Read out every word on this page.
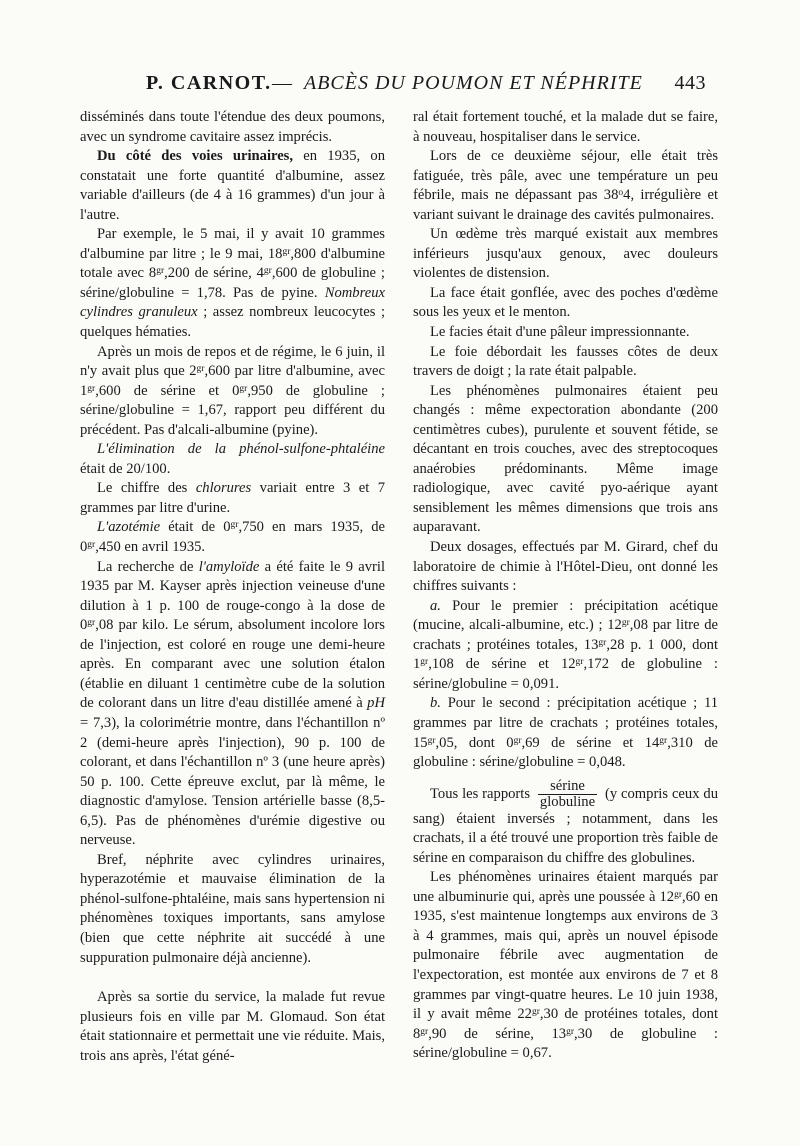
P. CARNOT. — ABCÈS DU POUMON ET NÉPHRITE 443

disséminés dans toute l'étendue des deux poumons, avec un syndrome cavitaire assez imprécis.

Du côté des voies urinaires, en 1935, on constatait une forte quantité d'albumine, assez variable d'ailleurs (de 4 à 16 grammes) d'un jour à l'autre.

Par exemple, le 5 mai, il y avait 10 grammes d'albumine par litre ; le 9 mai, $18^{gr},800$ d'albumine totale avec $8^{gr},200$ de sérine, $4^{gr},600$ de globuline ; sérine/globuline = 1,78. Pas de pyine. Nombreux cylindres granuleux ; assez nombreux leucocytes ; quelques hématies.

Après un mois de repos et de régime, le 6 juin, il n'y avait plus que $2^{gr},600$ par litre d'albumine, avec $1^{gr},600$ de sérine et $0^{gr},950$ de globuline ; sérine/globuline = 1,67, rapport peu différent du précédent. Pas d'alcali-albumine (pyine).

L'élimination de la phénol-sulfone-phtaléine était de 20/100.

Le chiffre des chlorures variait entre 3 et 7 grammes par litre d'urine.

L'azotémie était de $0^{gr},750$ en mars 1935, de $0^{gr},450$ en avril 1935.

La recherche de l'amyloïde a été faite le 9 avril 1935 par M. Kayser après injection veineuse d'une dilution à 1 p. 100 de rouge-congo à la dose de $0^{gr},08$ par kilo. Le sérum, absolument incolore lors de l'injection, est coloré en rouge une demi-heure après. En comparant avec une solution étalon (établie en diluant 1 centimètre cube de la solution de colorant dans un litre d'eau distillée amené à pH = 7,3), la colorimétrie montre, dans l'échantillon nº 2 (demi-heure après l'injection), 90 p. 100 de colorant, et dans l'échantillon nº 3 (une heure après) 50 p. 100. Cette épreuve exclut, par là même, le diagnostic d'amylose. Tension artérielle basse (8,5-6,5). Pas de phénomènes d'urémie digestive ou nerveuse.

Bref, néphrite avec cylindres urinaires, hyperazotémie et mauvaise élimination de la phénol-sulfone-phtaléine, mais sans hypertension ni phénomènes toxiques importants, sans amylose (bien que cette néphrite ait succédé à une suppuration pulmonaire déjà ancienne).

Après sa sortie du service, la malade fut revue plusieurs fois en ville par M. Glomaud. Son état était stationnaire et permettait une vie réduite. Mais, trois ans après, l'état géné-

ral était fortement touché, et la malade dut se faire, à nouveau, hospitaliser dans le service.

Lors de ce deuxième séjour, elle était très fatiguée, très pâle, avec une température un peu fébrile, mais ne dépassant pas 38$^o$4, irrégulière et variant suivant le drainage des cavités pulmonaires.

Un œdème très marqué existait aux membres inférieurs jusqu'aux genoux, avec douleurs violentes de distension.

La face était gonflée, avec des poches d'œdème sous les yeux et le menton.

Le facies était d'une pâleur impressionnante.

Le foie débordait les fausses côtes de deux travers de doigt ; la rate était palpable.

Les phénomènes pulmonaires étaient peu changés : même expectoration abondante (200 centimètres cubes), purulente et souvent fétide, se décantant en trois couches, avec des streptocoques anaérobies prédominants. Même image radiologique, avec cavité pyo-aérique ayant sensiblement les mêmes dimensions que trois ans auparavant.

Deux dosages, effectués par M. Girard, chef du laboratoire de chimie à l'Hôtel-Dieu, ont donné les chiffres suivants :

a. Pour le premier : précipitation acétique (mucine, alcali-albumine, etc.) ; $12^{gr},08$ par litre de crachats ; protéines totales, $13^{gr},28$ p. 1 000, dont $1^{gr},108$ de sérine et $12^{gr},172$ de globuline : sérine/globuline = 0,091.

b. Pour le second : précipitation acétique ; 11 grammes par litre de crachats ; protéines totales, $15^{gr},05$, dont $0^{gr},69$ de sérine et $14^{gr},310$ de globuline : sérine/globuline = 0,048.

Tous les rapports $\frac{\text{sérine}}{\text{globuline}} (y$ compris ceux du sang) étaient inversés ; notamment, dans les crachats, il a été trouvé une proportion très faible de sérine en comparaison du chiffre des globulines.

Les phénomènes urinaires étaient marqués par une albuminurie qui, après une poussée à $12^{gr},60$ en 1935, s'est maintenue longtemps aux environs de 3 à 4 grammes, mais qui, après un nouvel épisode pulmonaire fébrile avec augmentation de l'expectoration, est montée aux environs de 7 et 8 grammes par vingt-quatre heures. Le 10 juin 1938, il y avait même $22^{gr},30$ de protéines totales, dont $8^{gr},90$ de sérine, $13^{gr},30$ de globuline : sérine/globuline = 0,67.
